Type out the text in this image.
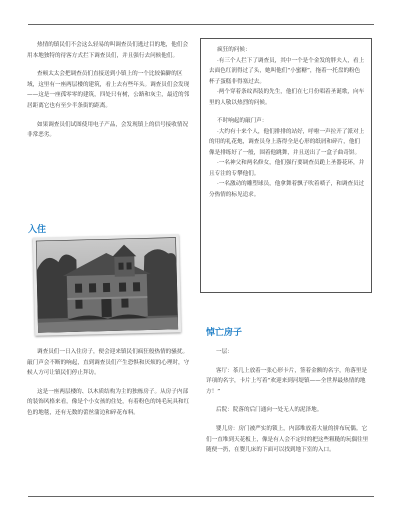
热情的镇民们不会这么轻易的叫调查员们逃过目的地，他们会用本地独特的待客方式拦下调查员们，并且强行去问候他们。

查顿太太会把调查员们直接送到小镇上的一个比较偏僻的区域，这里有一座两层楼的建筑，看上去有些年头。调查员们会发现——这是一座孤零零的建筑，四处只有树，公路和灰尘，最近的邻居距离它也有至少半条街的距离。

如果调查员们试图使用电子产品，会发现镇上的信号接收情况非常恶劣。

入住

调查员们一日入住房子，便会迎来镇民们疯狂般热情的骚扰。敲门声会不断的响起，直到调查员们产生恐惧和厌烦的心理时，守候人方可让镇民们停止拜访。

这是一座两层楼的、以木质结构为主的独栋房子。从房子内部的装饰风格来看，像是个小女孩的住处，有着粉色的纯毛玩具和红色的地毯，还有无数的蕾丝蒲边和碎花布料。

疯狂的问候：

·有三个人拦下了调查员，其中一个是个金发的胖夫人，看上去面色红润得过了头，她叫他们“小蜜糖”，拖着一托盘的粉色杯子蛋糕非得塞过去。

·两个穿着条纹西装的先生，他们在七月份唱着圣诞歌，向车里的人敬以热烈的问候。

不时响起的敲门声：

·大约有十来个人，他们排排的站好，呼啦一声拉开了派对上的用的礼花炮，调查员身上落得全是心形的纸屑和碎片，他们像是排练好了一般，围着他跳舞，并且送出了一盒子曲奇饼。

·一名神父和两名修女，他们强行要调查员跪上圣器花环，并且专注的专攀他们。

·一名激动的雕塑球员，他拿舞着飘子吹着唢子，和调查员过分热情的标见追求。

悼亡房子

一层：

客厅：茶几上放着一张心形卡片，签着金额的名字，角落里是详项的名字，卡片上写着“欢迎来到河堤镇——全世界最热情的地方！”

后院：院落的后门通向一处无人的泥泽地。

婴儿房：房门被严实的锁上，内部堆放着大量的拼布玩偶。它们一直堆到天花板上，像是有人会不定时的把这些粗糙的玩偶往里随便一扔，在婴儿床的下面可以找到地下室的入口。
